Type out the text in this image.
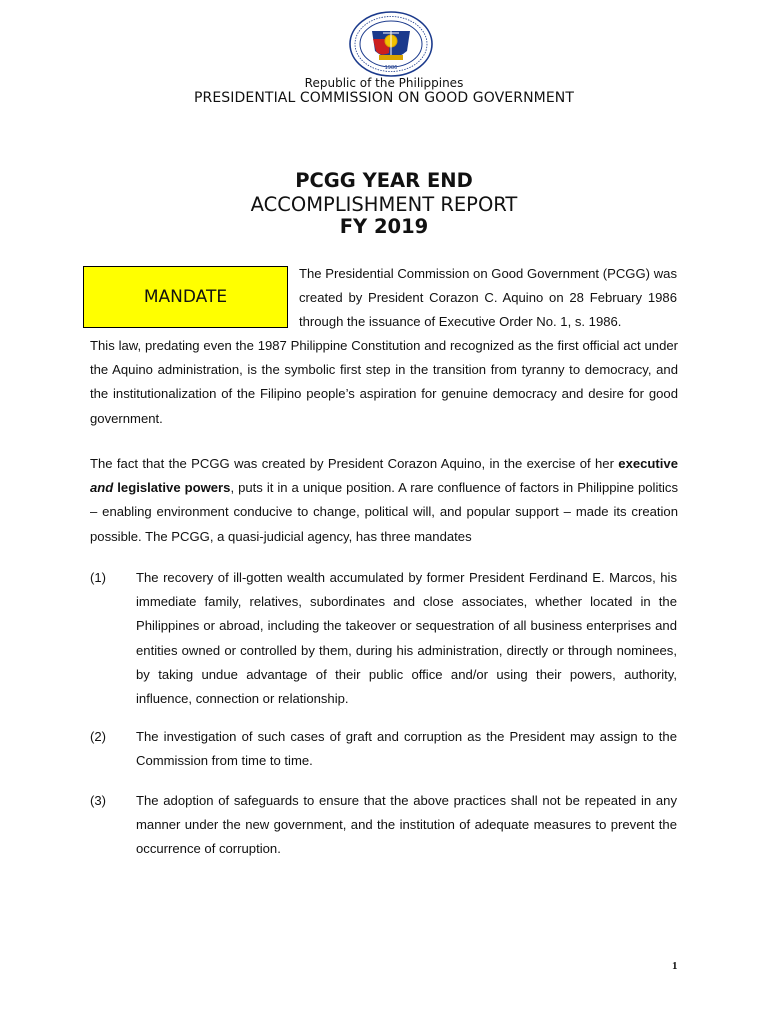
1986
Republic of the Philippines
PRESIDENTIAL COMMISSION ON GOOD GOVERNMENT
PCGG YEAR END
ACCOMPLISHMENT REPORT
FY 2019
MANDATE

The Presidential Commission on Good Government (PCGG) was created by President Corazon C. Aquino on 28 February 1986 through the issuance of Executive Order No. 1, s. 1986.

This law, predating even the 1987 Philippine Constitution and recognized as the first official act under the Aquino administration, is the symbolic first step in the transition from tyranny to democracy, and the institutionalization of the Filipino people’s aspiration for genuine democracy and desire for good government.

The fact that the PCGG was created by President Corazon Aquino, in the exercise of her executive and legislative powers, puts it in a unique position. A rare confluence of factors in Philippine politics – enabling environment conducive to change, political will, and popular support – made its creation possible. The PCGG, a quasi-judicial agency, has three mandates

(1) The recovery of ill-gotten wealth accumulated by former President Ferdinand E. Marcos, his immediate family, relatives, subordinates and close associates, whether located in the Philippines or abroad, including the takeover or sequestration of all business enterprises and entities owned or controlled by them, during his administration, directly or through nominees, by taking undue advantage of their public office and/or using their powers, authority, influence, connection or relationship.

(2) The investigation of such cases of graft and corruption as the President may assign to the Commission from time to time.

(3) The adoption of safeguards to ensure that the above practices shall not be repeated in any manner under the new government, and the institution of adequate measures to prevent the occurrence of corruption.

1
